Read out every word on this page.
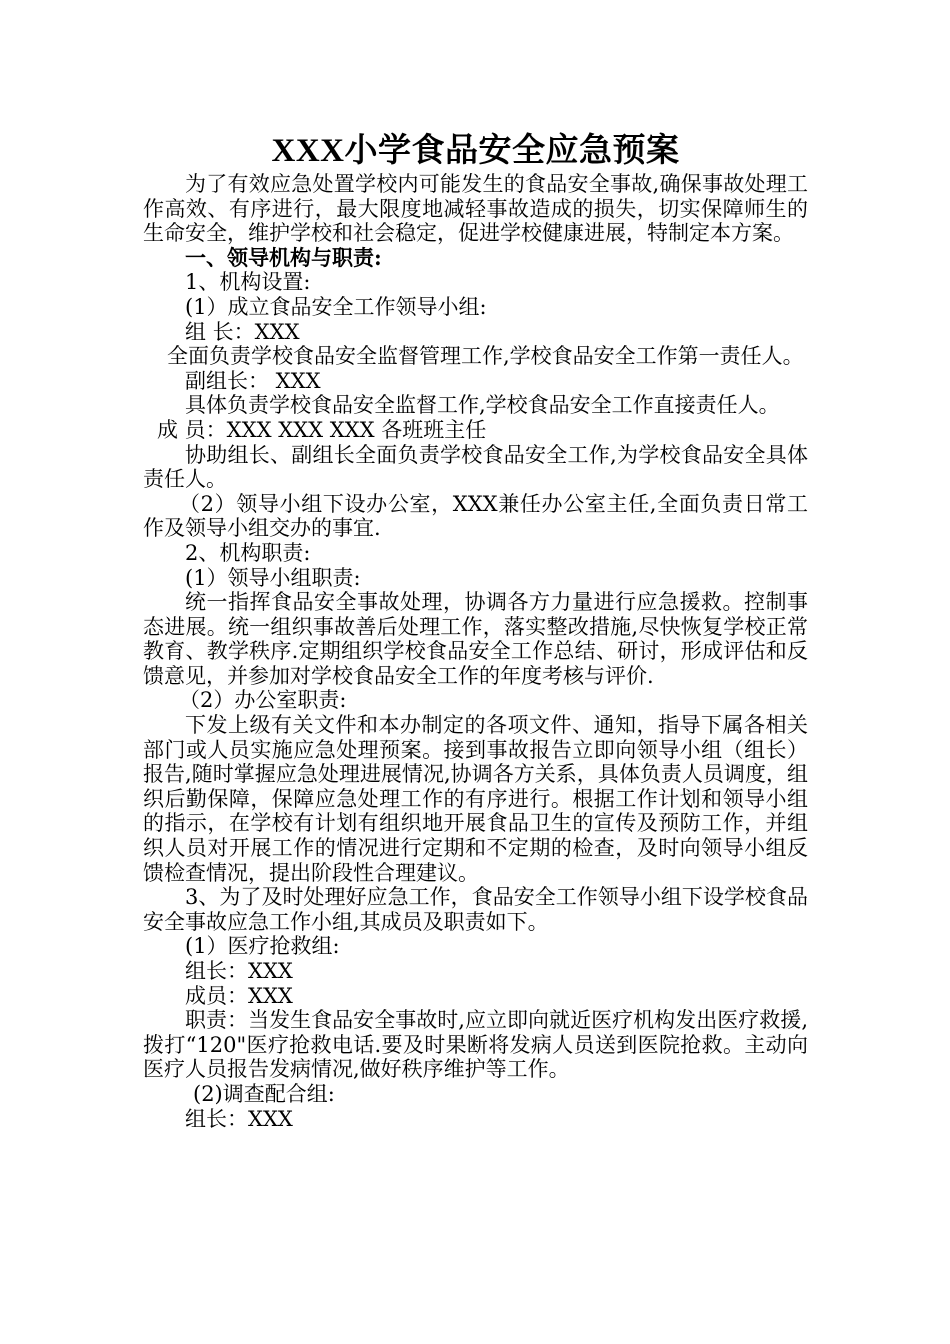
XXX小学食品安全应急预案

为了有效应急处置学校内可能发生的食品安全事故,确保事故处理工作高效、有序进行，最大限度地减轻事故造成的损失，切实保障师生的生命安全，维护学校和社会稳定，促进学校健康进展，特制定本方案。

一、领导机构与职责:

1、机构设置:

(1）成立食品安全工作领导小组:

组 长：XXX

全面负责学校食品安全监督管理工作,学校食品安全工作第一责任人。

副组长： XXX

具体负责学校食品安全监督工作,学校食品安全工作直接责任人。

成 员：XXX XXX XXX 各班班主任

协助组长、副组长全面负责学校食品安全工作,为学校食品安全具体责任人。

（2）领导小组下设办公室，XXX兼任办公室主任,全面负责日常工作及领导小组交办的事宜.

2、机构职责:

(1）领导小组职责:

统一指挥食品安全事故处理，协调各方力量进行应急援救。控制事态进展。统一组织事故善后处理工作，落实整改措施,尽快恢复学校正常教育、教学秩序.定期组织学校食品安全工作总结、研讨，形成评估和反馈意见，并参加对学校食品安全工作的年度考核与评价.

（2）办公室职责:

下发上级有关文件和本办制定的各项文件、通知，指导下属各相关部门或人员实施应急处理预案。接到事故报告立即向领导小组（组长）报告,随时掌握应急处理进展情况,协调各方关系，具体负责人员调度，组织后勤保障，保障应急处理工作的有序进行。根据工作计划和领导小组的指示，在学校有计划有组织地开展食品卫生的宣传及预防工作，并组织人员对开展工作的情况进行定期和不定期的检查，及时向领导小组反馈检查情况，提出阶段性合理建议。

3、为了及时处理好应急工作，食品安全工作领导小组下设学校食品安全事故应急工作小组,其成员及职责如下。

(1）医疗抢救组:

组长：XXX

成员：XXX

职责：当发生食品安全事故时,应立即向就近医疗机构发出医疗救援,拨打“120"医疗抢救电话.要及时果断将发病人员送到医院抢救。主动向医疗人员报告发病情况,做好秩序维护等工作。

(2)调查配合组:

组长：XXX
